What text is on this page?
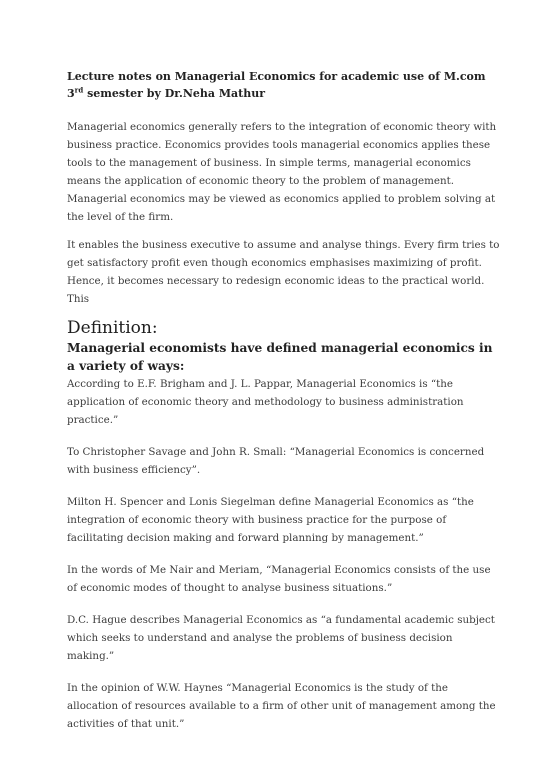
Lecture notes on Managerial Economics for academic use of M.com 3rd semester by Dr.Neha Mathur

Managerial economics generally refers to the integration of economic theory with business practice. Economics provides tools managerial economics applies these tools to the management of business. In simple terms, managerial economics means the application of economic theory to the problem of management. Managerial economics may be viewed as economics applied to problem solving at the level of the firm.

It enables the business executive to assume and analyse things. Every firm tries to get satisfactory profit even though economics emphasises maximizing of profit. Hence, it becomes necessary to redesign economic ideas to the practical world. This

Definition:
Managerial economists have defined managerial economics in a variety of ways:

According to E.F. Brigham and J. L. Pappar, Managerial Economics is “the application of economic theory and methodology to business administration practice.”

To Christopher Savage and John R. Small: “Managerial Economics is concerned with business efficiency”.

Milton H. Spencer and Lonis Siegelman define Managerial Economics as “the integration of economic theory with business practice for the purpose of facilitating decision making and forward planning by management.”

In the words of Me Nair and Meriam, “Managerial Economics consists of the use of economic modes of thought to analyse business situations.”

D.C. Hague describes Managerial Economics as “a fundamental academic subject which seeks to understand and analyse the problems of business decision making.”

In the opinion of W.W. Haynes “Managerial Economics is the study of the allocation of resources available to a firm of other unit of management among the activities of that unit.”
